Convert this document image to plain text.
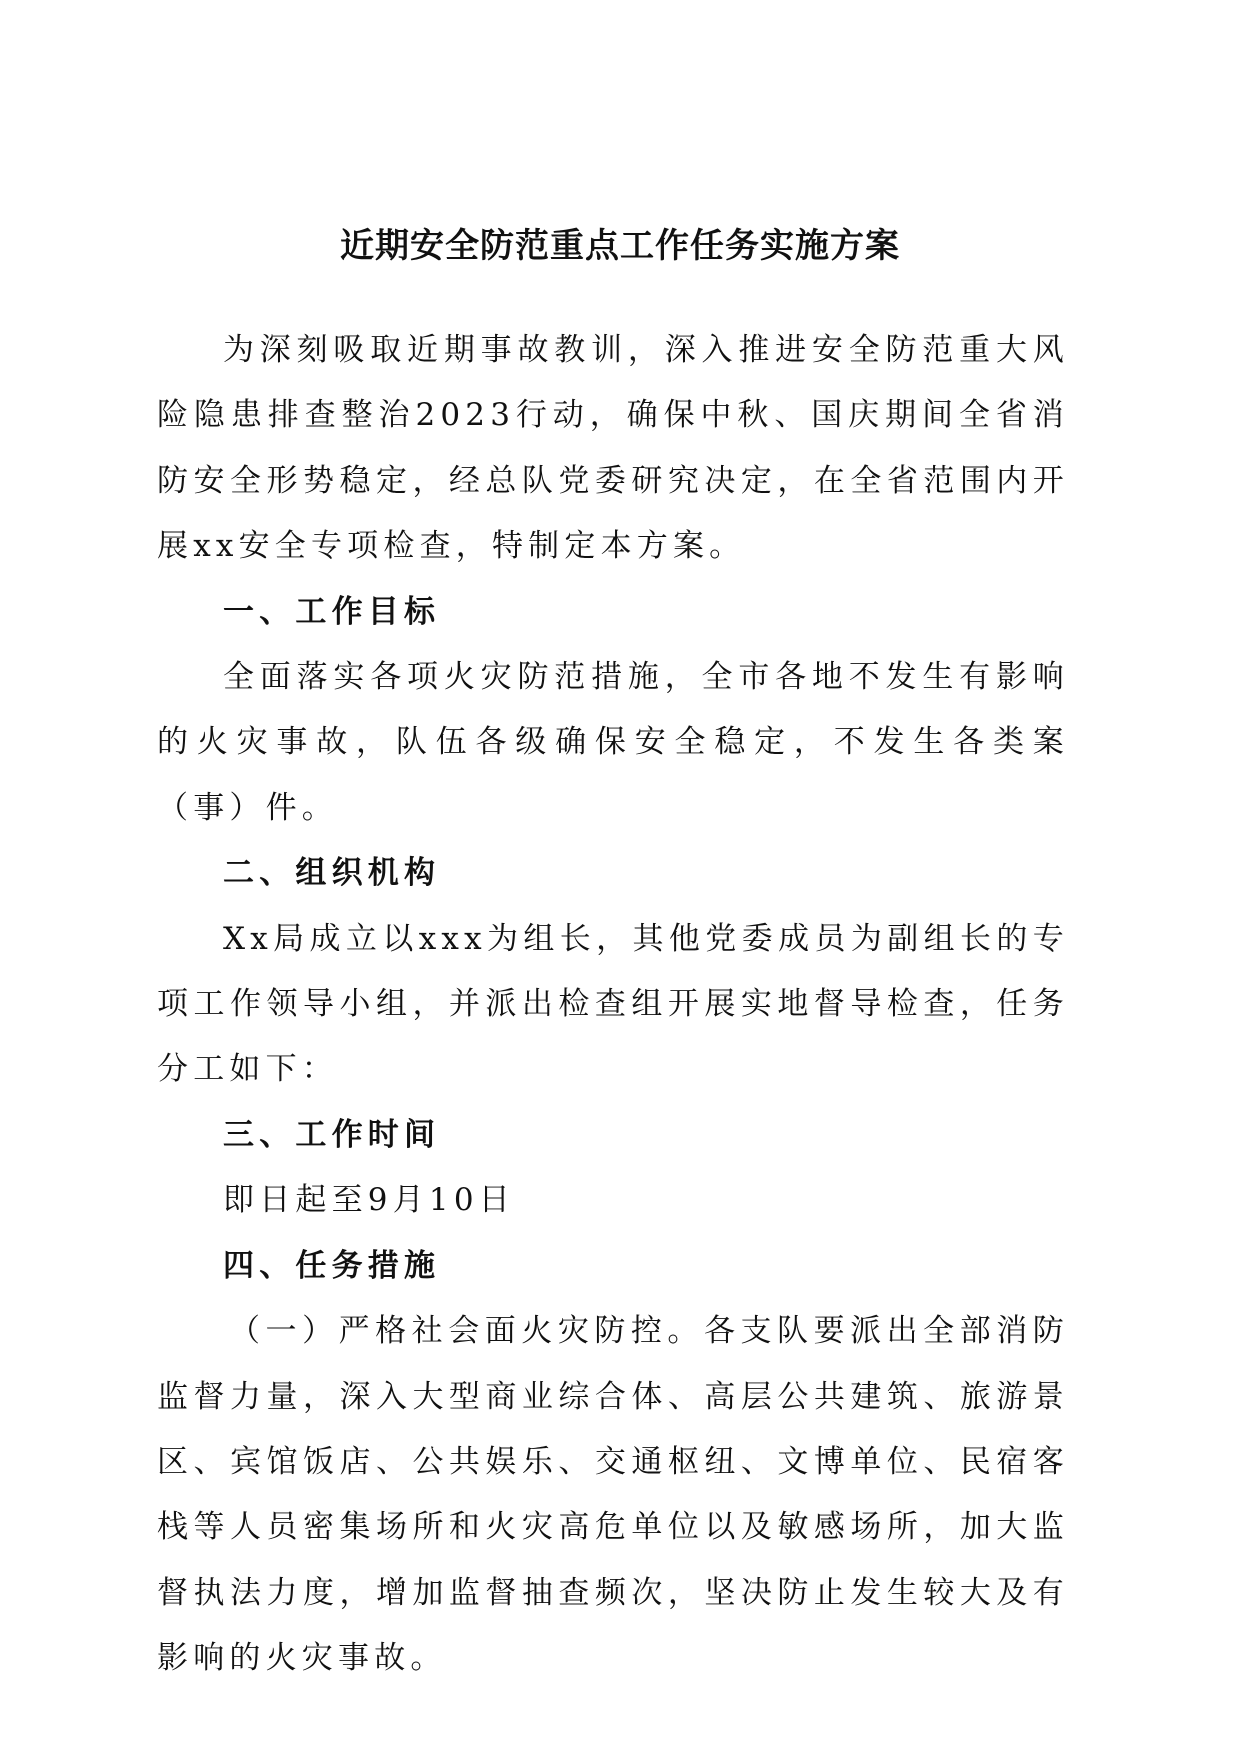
近期安全防范重点工作任务实施方案

为深刻吸取近期事故教训，深入推进安全防范重大风险隐患排查整治2023行动，确保中秋、国庆期间全省消防安全形势稳定，经总队党委研究决定，在全省范围内开展xx安全专项检查，特制定本方案。

一、工作目标

全面落实各项火灾防范措施，全市各地不发生有影响的火灾事故，队伍各级确保安全稳定，不发生各类案（事）件。

二、组织机构

Xx局成立以xxx为组长，其他党委成员为副组长的专项工作领导小组，并派出检查组开展实地督导检查，任务分工如下：

三、工作时间

即日起至9月10日

四、任务措施

（一）严格社会面火灾防控。各支队要派出全部消防监督力量，深入大型商业综合体、高层公共建筑、旅游景区、宾馆饭店、公共娱乐、交通枢纽、文博单位、民宿客栈等人员密集场所和火灾高危单位以及敏感场所，加大监督执法力度，增加监督抽查频次，坚决防止发生较大及有影响的火灾事故。
